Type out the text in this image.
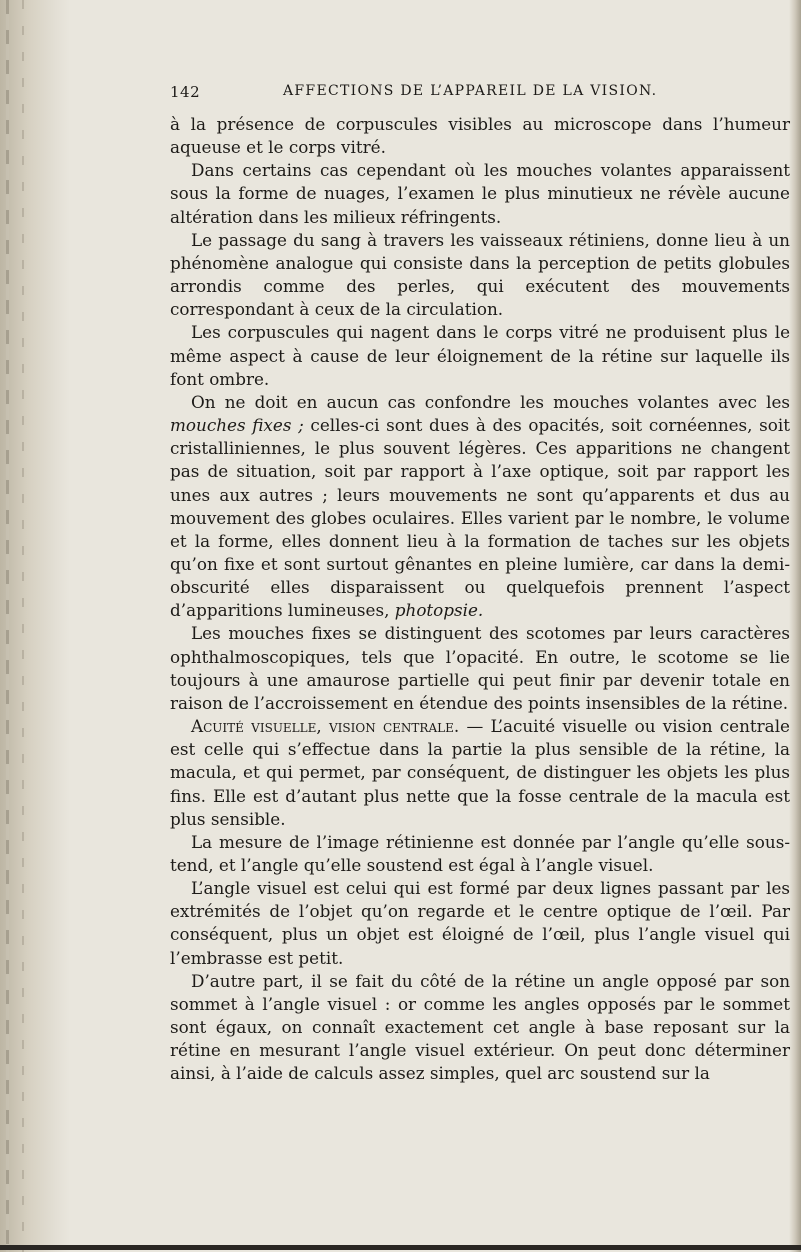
142	AFFECTIONS DE L’APPAREIL DE LA VISION.

à la présence de corpuscules visibles au microscope dans l’humeur aqueuse et le corps vitré.

Dans certains cas cependant où les mouches volantes apparaissent sous la forme de nuages, l’examen le plus minutieux ne révèle aucune altération dans les milieux réfringents.

Le passage du sang à travers les vaisseaux rétiniens, donne lieu à un phénomène analogue qui consiste dans la perception de petits globules arrondis comme des perles, qui exécutent des mouvements correspondant à ceux de la circulation.

Les corpuscules qui nagent dans le corps vitré ne produisent plus le même aspect à cause de leur éloignement de la rétine sur laquelle ils font ombre.

On ne doit en aucun cas confondre les mouches volantes avec les mouches fixes ; celles-ci sont dues à des opacités, soit cornéennes, soit cristalliniennes, le plus souvent légères. Ces apparitions ne changent pas de situation, soit par rapport à l’axe optique, soit par rapport les unes aux autres ; leurs mouvements ne sont qu’apparents et dus au mouvement des globes oculaires. Elles varient par le nombre, le volume et la forme, elles donnent lieu à la formation de taches sur les objets qu’on fixe et sont surtout gênantes en pleine lumière, car dans la demi-obscurité elles disparaissent ou quelquefois prennent l’aspect d’apparitions lumineuses, photopsie.

Les mouches fixes se distinguent des scotomes par leurs caractères ophthalmoscopiques, tels que l’opacité. En outre, le scotome se lie toujours à une amaurose partielle qui peut finir par devenir totale en raison de l’accroissement en étendue des points insensibles de la rétine.

Acuité visuelle, vision centrale. — L’acuité visuelle ou vision centrale est celle qui s’effectue dans la partie la plus sensible de la rétine, la macula, et qui permet, par conséquent, de distinguer les objets les plus fins. Elle est d’autant plus nette que la fosse centrale de la macula est plus sensible.

La mesure de l’image rétinienne est donnée par l’angle qu’elle sous-tend, et l’angle qu’elle soustend est égal à l’angle visuel.

L’angle visuel est celui qui est formé par deux lignes passant par les extrémités de l’objet qu’on regarde et le centre optique de l’œil. Par conséquent, plus un objet est éloigné de l’œil, plus l’angle visuel qui l’embrasse est petit.

D’autre part, il se fait du côté de la rétine un angle opposé par son sommet à l’angle visuel : or comme les angles opposés par le sommet sont égaux, on connaît exactement cet angle à base reposant sur la rétine en mesurant l’angle visuel extérieur. On peut donc déterminer ainsi, à l’aide de calculs assez simples, quel arc soustend sur la
